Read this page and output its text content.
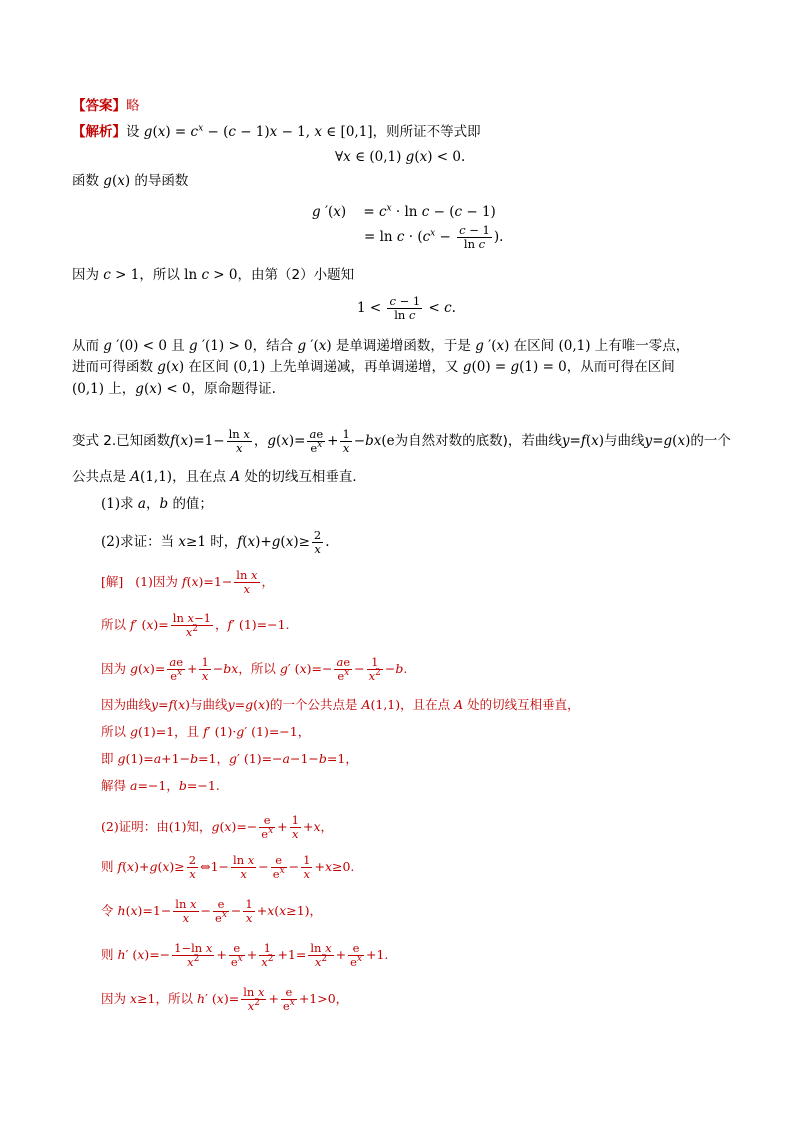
【答案】略
【解析】设 $g(x) = c^x - (c - 1)x - 1$, x ∈ [0,1]，则所证不等式即
∀x ∈ (0,1) g(x) < 0.
函数 g(x) 的导函数
g ′(x)    = $c^x \cdot \ln c - (c - 1)$
= $\ln c \cdot (c^x - \frac{c - 1}{\text{ln c}}$ ).
因为 c > 1，所以 ln c > 0，由第（2）小题知
$1 < \frac{c - 1}{\text{ln c}} < c$.
从而 g ′(0) < 0 且 g ′(1) > 0，结合 g ′(x) 是单调递增函数，于是 g ′(x) 在区间 (0,1) 上有唯一零点，
进而可得函数 g(x) 在区间 (0,1) 上先单调递减，再单调递增，又 g(0) = g(1) = 0，从而可得在区间
(0,1) 上，g(x) < 0，原命题得证.
变式 2.已知函数$f(x)=1- \frac{\text{ln x}}{x}$ ，$g(x)= \frac{ae}{e^x} + \frac{1}{x} -bx(e$为自然对数的底数)，若曲线y=f(x)与曲线y=g(x)的一个
公共点是 A(1,1)，且在点 A 处的切线互相垂直．
(1)求 a，b 的值；
(2)求证：当 x≥1 时，$f(x)+g(x)\ge \frac{2}{x}$ .
[解]   (1)因为 $f(x)=1- \frac{\text{ln x}}{x}$ ，
所以 f′ $(x)= \frac{\text{ln x−1}}{x^2}$ ，f′ (1)=−1.
因为 $g(x)= \frac{ae}{e^x} + \frac{1}{x} -bx$，所以 g′ $(x)=- \frac{ae}{e^x} - \frac{1}{x^2} -b$.
因为曲线y=f(x)与曲线y=g(x)的一个公共点是 A(1,1)，且在点 A 处的切线互相垂直，
所以 g(1)=1，且 f′ (1)·g′ (1)=−1，
即 g(1)=a+1−b=1，g′ (1)=−a−1−b=1，
解得 a=−1，b=−1.
(2)证明：由(1)知，$g(x)=- \frac{e}{e^x} + \frac{1}{x} +x$，
则 $f(x)+g(x)\ge \frac{2}{x}$ ⇔1− $\frac{\text{ln x}}{x} - \frac{e}{e^x} - \frac{1}{x} +x\ge 0$.
令 $h(x)=1- \frac{\text{ln x}}{x} - \frac{e}{e^x} - \frac{1}{x} +x(x\ge 1)$，
则 h′ $(x)=- \frac{\text{1−ln x}}{x^2} + \frac{e}{e^x} + \frac{1}{x^2} +1= \frac{\text{ln x}}{x^2} + \frac{e}{e^x} +1$.
因为 x≥1，所以 h′ $(x)= \frac{\text{ln x}}{x^2} + \frac{e}{e^x} +1>0$，
